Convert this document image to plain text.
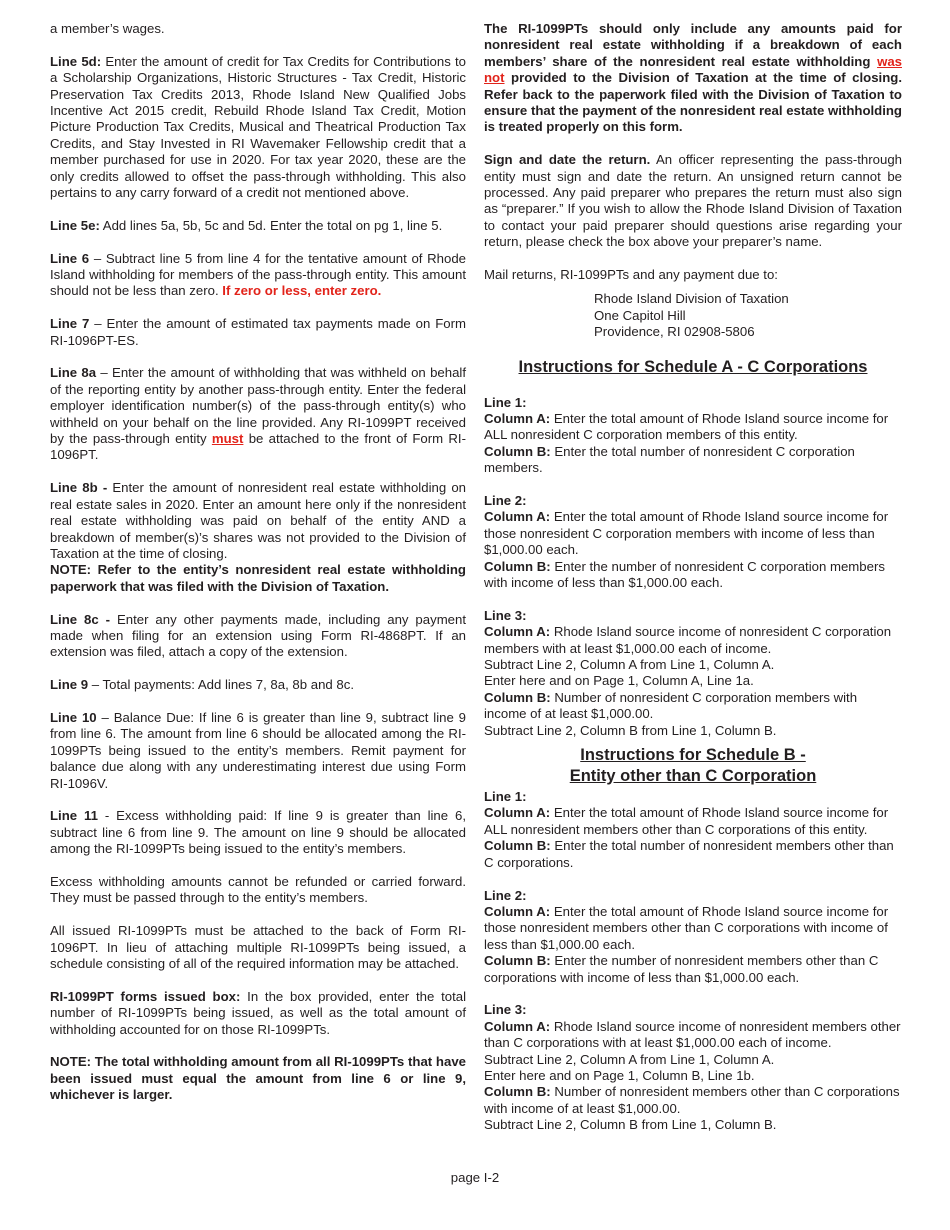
a member’s wages.

Line 5d: Enter the amount of credit for Tax Credits for Contributions to a Scholarship Organizations, Historic Structures - Tax Credit, Historic Preservation Tax Credits 2013, Rhode Island New Qualified Jobs Incentive Act 2015 credit, Rebuild Rhode Island Tax Credit, Motion Picture Production Tax Credits, Musical and Theatrical Production Tax Credits, and Stay Invested in RI Wavemaker Fellowship credit that a member purchased for use in 2020. For tax year 2020, these are the only credits allowed to offset the pass-through withholding. This also pertains to any carry forward of a credit not mentioned above.

Line 5e: Add lines 5a, 5b, 5c and 5d. Enter the total on pg 1, line 5.

Line 6 – Subtract line 5 from line 4 for the tentative amount of Rhode Island withholding for members of the pass-through entity. This amount should not be less than zero. If zero or less, enter zero.

Line 7 – Enter the amount of estimated tax payments made on Form RI-1096PT-ES.

Line 8a – Enter the amount of withholding that was withheld on behalf of the reporting entity by another pass-through entity. Enter the federal employer identification number(s) of the pass-through entity(s) who withheld on your behalf on the line provided. Any RI-1099PT received by the pass-through entity must be attached to the front of Form RI-1096PT.

Line 8b - Enter the amount of nonresident real estate withholding on real estate sales in 2020. Enter an amount here only if the nonresident real estate withholding was paid on behalf of the entity AND a breakdown of member(s)’s shares was not provided to the Division of Taxation at the time of closing.

NOTE: Refer to the entity’s nonresident real estate withholding paperwork that was filed with the Division of Taxation.

Line 8c - Enter any other payments made, including any payment made when filing for an extension using Form RI-4868PT. If an extension was filed, attach a copy of the extension.

Line 9 – Total payments: Add lines 7, 8a, 8b and 8c.

Line 10 – Balance Due: If line 6 is greater than line 9, subtract line 9 from line 6. The amount from line 6 should be allocated among the RI-1099PTs being issued to the entity’s members. Remit payment for balance due along with any underestimating interest due using Form RI-1096V.

Line 11 - Excess withholding paid: If line 9 is greater than line 6, subtract line 6 from line 9. The amount on line 9 should be allocated among the RI-1099PTs being issued to the entity’s members.

Excess withholding amounts cannot be refunded or carried forward. They must be passed through to the entity’s members.

All issued RI-1099PTs must be attached to the back of Form RI-1096PT. In lieu of attaching multiple RI-1099PTs being issued, a schedule consisting of all of the required information may be attached.

RI-1099PT forms issued box: In the box provided, enter the total number of RI-1099PTs being issued, as well as the total amount of withholding accounted for on those RI-1099PTs.

NOTE: The total withholding amount from all RI-1099PTs that have been issued must equal the amount from line 6 or line 9, whichever is larger.

The RI-1099PTs should only include any amounts paid for nonresident real estate withholding if a breakdown of each members’ share of the nonresident real estate withholding was not provided to the Division of Taxation at the time of closing. Refer back to the paperwork filed with the Division of Taxation to ensure that the payment of the nonresident real estate withholding is treated properly on this form.

Sign and date the return. An officer representing the pass-through entity must sign and date the return. An unsigned return cannot be processed. Any paid preparer who prepares the return must also sign as “preparer.” If you wish to allow the Rhode Island Division of Taxation to contact your paid preparer should questions arise regarding your return, please check the box above your preparer’s name.

Mail returns, RI-1099PTs and any payment due to:

Rhode Island Division of Taxation
One Capitol Hill
Providence, RI 02908-5806
Instructions for Schedule A - C Corporations
Line 1:
Column A: Enter the total amount of Rhode Island source income for ALL nonresident C corporation members of this entity.
Column B: Enter the total number of nonresident C corporation members.
Line 2:
Column A: Enter the total amount of Rhode Island source income for those nonresident C corporation members with income of less than $1,000.00 each.
Column B: Enter the number of nonresident C corporation members with income of less than $1,000.00 each.
Line 3:
Column A: Rhode Island source income of nonresident C corporation members with at least $1,000.00 each of income.
Subtract Line 2, Column A from Line 1, Column A.
Enter here and on Page 1, Column A, Line 1a.
Column B: Number of nonresident C corporation members with income of at least $1,000.00.
Subtract Line 2, Column B from Line 1, Column B.
Instructions for Schedule B -
Entity other than C Corporation
Line 1:
Column A: Enter the total amount of Rhode Island source income for ALL nonresident members other than C corporations of this entity.
Column B: Enter the total number of nonresident members other than C corporations.
Line 2:
Column A: Enter the total amount of Rhode Island source income for those nonresident members other than C corporations with income of less than $1,000.00 each.
Column B: Enter the number of nonresident members other than C corporations with income of less than $1,000.00 each.
Line 3:
Column A: Rhode Island source income of nonresident members other than C corporations with at least $1,000.00 each of income.
Subtract Line 2, Column A from Line 1, Column A.
Enter here and on Page 1, Column B, Line 1b.
Column B: Number of nonresident members other than C corporations with income of at least $1,000.00.
Subtract Line 2, Column B from Line 1, Column B.
page I-2
